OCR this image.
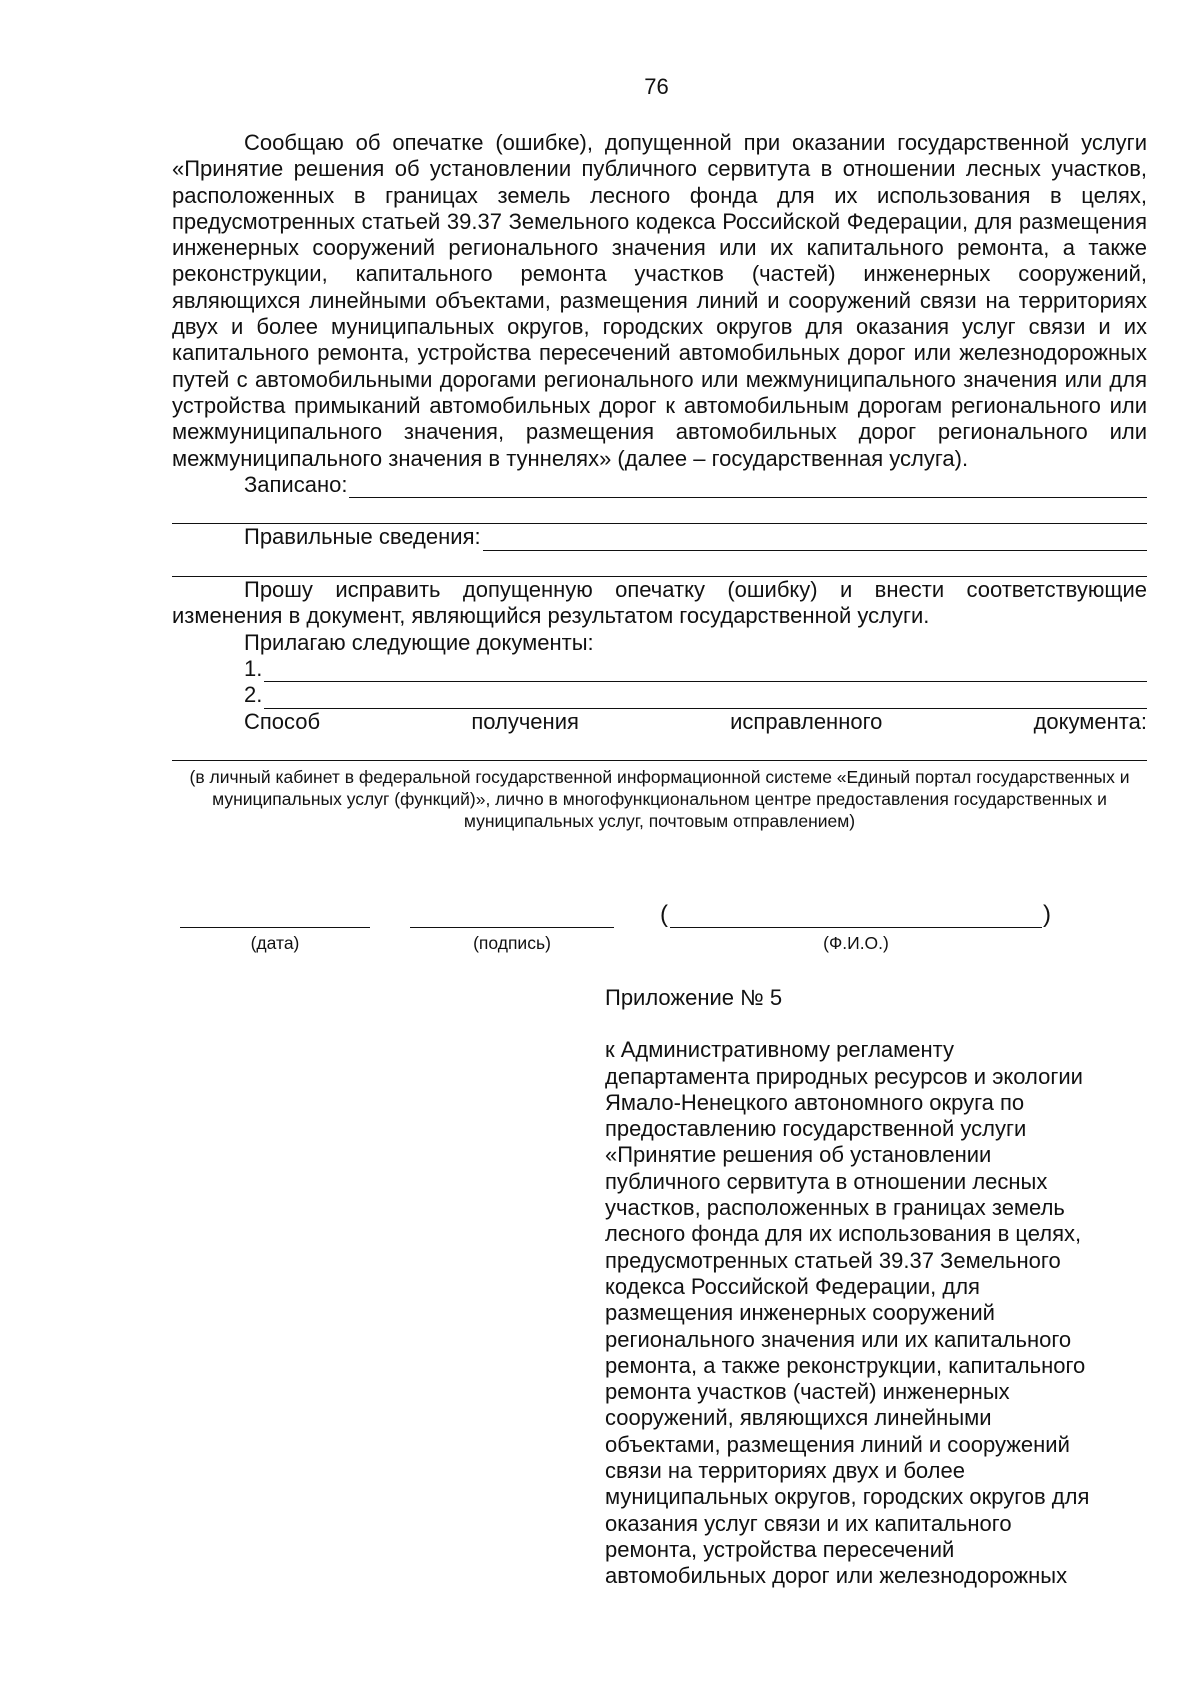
76

Сообщаю об опечатке (ошибке), допущенной при оказании государственной услуги «Принятие решения об установлении публичного сервитута в отношении лесных участков, расположенных в границах земель лесного фонда для их использования в целях, предусмотренных статьей 39.37 Земельного кодекса Российской Федерации, для размещения инженерных сооружений регионального значения или их капитального ремонта, а также реконструкции, капитального ремонта участков (частей) инженерных сооружений, являющихся линейными объектами, размещения линий и сооружений связи на территориях двух и более муниципальных округов, городских округов для оказания услуг связи и их капитального ремонта, устройства пересечений автомобильных дорог или железнодорожных путей с автомобильными дорогами регионального или межмуниципального значения или для устройства примыканий автомобильных дорог к автомобильным дорогам регионального или межмуниципального значения, размещения автомобильных дорог регионального или межмуниципального значения в туннелях» (далее – государственная услуга).

Записано:
Правильные сведения:

Прошу исправить допущенную опечатку (ошибку) и внести соответствующие изменения в документ, являющийся результатом государственной услуги.

Прилагаю следующие документы:
1.
2.
Способ	получения	исправленного	документа:
(в личный кабинет в федеральной государственной информационной системе «Единый портал государственных и муниципальных услуг (функций)», лично в многофункциональном центре предоставления государственных и муниципальных услуг, почтовым отправлением)
(дата)	(подпись)
(	)
(Ф.И.О.)

Приложение № 5

к Административному регламенту

департамента природных ресурсов и экологии

Ямало-Ненецкого автономного округа по

предоставлению государственной услуги

«Принятие решения об установлении

публичного сервитута в отношении лесных

участков, расположенных в границах земель

лесного фонда для их использования в целях,

предусмотренных статьей 39.37 Земельного

кодекса Российской Федерации, для

размещения инженерных сооружений

регионального значения или их капитального

ремонта, а также реконструкции, капитального

ремонта участков (частей) инженерных

сооружений, являющихся линейными

объектами, размещения линий и сооружений

связи на территориях двух и более

муниципальных округов, городских округов для

оказания услуг связи и их капитального

ремонта, устройства пересечений

автомобильных дорог или железнодорожных
